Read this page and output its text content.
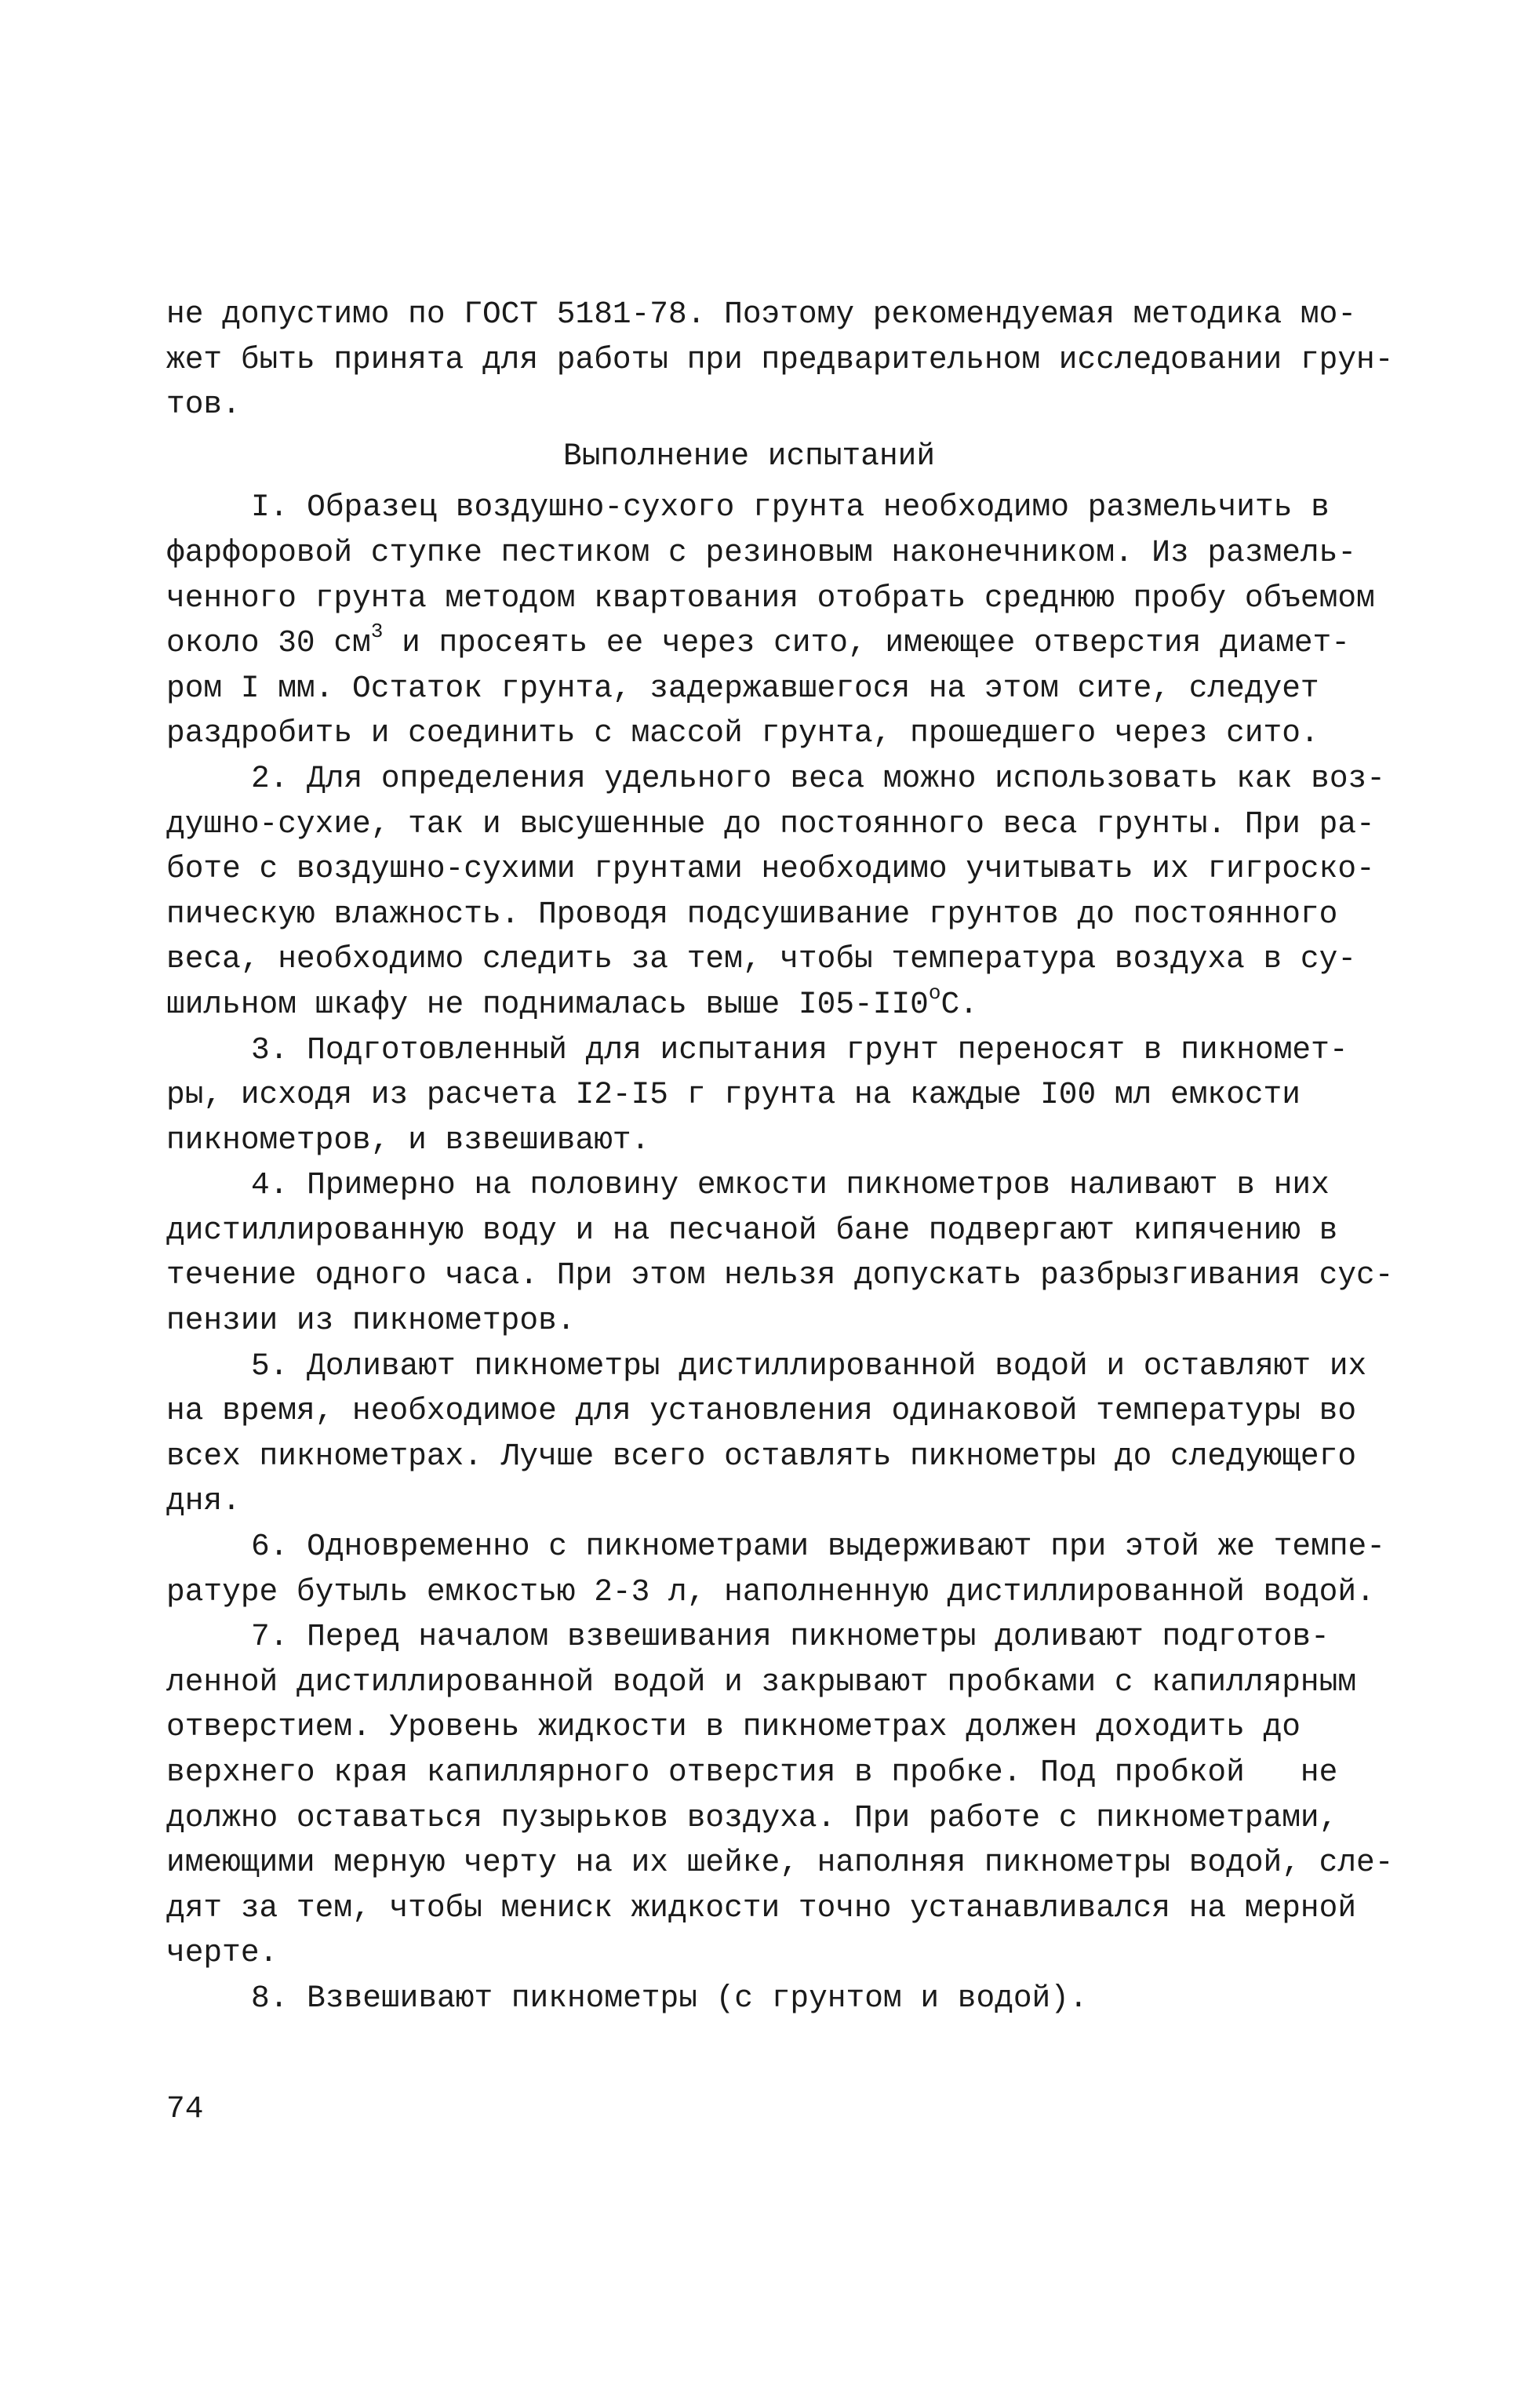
не допустимо по ГОСТ 5181-78. Поэтому рекомендуемая методика мо-
жет быть принята для работы при предварительном исследовании грун-
тов.
Выполнение испытаний
I. Образец воздушно-сухого грунта необходимо размельчить в
фарфоровой ступке пестиком с резиновым наконечником. Из размель-
ченного грунта методом квартования отобрать среднюю пробу объемом
около 30 $см^3$ и просеять ее через сито, имеющее отверстия диамет-
ром I мм. Остаток грунта, задержавшегося на этом сите, следует
раздробить и соединить с массой грунта, прошедшего через сито.
2. Для определения удельного веса можно использовать как воз-
душно-сухие, так и высушенные до постоянного веса грунты. При ра-
боте с воздушно-сухими грунтами необходимо учитывать их гигроско-
пическую влажность. Проводя подсушивание грунтов до постоянного
веса, необходимо следить за тем, чтобы температура воздуха в су-
шильном шкафу не поднималась выше $I05-II0^оС$.
3. Подготовленный для испытания грунт переносят в пикномет-
ры, исходя из расчета I2-I5 г грунта на каждые I00 мл емкости
пикнометров, и взвешивают.
4. Примерно на половину емкости пикнометров наливают в них
дистиллированную воду и на песчаной бане подвергают кипячению в
течение одного часа. При этом нельзя допускать разбрызгивания сус-
пензии из пикнометров.
5. Доливают пикнометры дистиллированной водой и оставляют их
на время, необходимое для установления одинаковой температуры во
всех пикнометрах. Лучше всего оставлять пикнометры до следующего
дня.
6. Одновременно с пикнометрами выдерживают при этой же темпе-
ратуре бутыль емкостью 2-3 л, наполненную дистиллированной водой.
7. Перед началом взвешивания пикнометры доливают подготов-
ленной дистиллированной водой и закрывают пробками с капиллярным
отверстием. Уровень жидкости в пикнометрах должен доходить до
верхнего края капиллярного отверстия в пробке. Под пробкой   не
должно оставаться пузырьков воздуха. При работе с пикнометрами,
имеющими мерную черту на их шейке, наполняя пикнометры водой, сле-
дят за тем, чтобы мениск жидкости точно устанавливался на мерной
черте.
8. Взвешивают пикнометры (с грунтом и водой).
74
